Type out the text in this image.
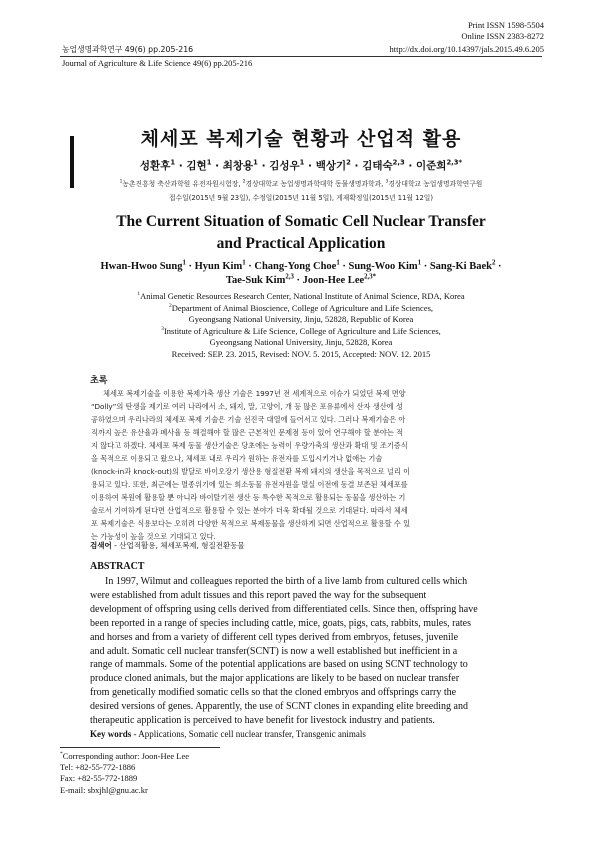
Print ISSN 1598-5504
Online ISSN 2383-8272
농업생명과학연구 49(6) pp.205-216	http://dx.doi.org/10.14397/jals.2015.49.6.205
Journal of Agriculture & Life Science 49(6) pp.205-216
체세포 복제기술 현황과 산업적 활용
성환후$^1$ · 김현$^1$ · 최창용$^1$ · 김성우$^1$ · 백상기$^2$ · 김태숙$^{2,3}$ · 이준희$^{2,3*}$
$^1$농촌진흥청 축산과학원 유전자원시험장, $^2$경상대학교 농업생명과학대학 동물생명과학과, $^3$경상대학교 농업생명과학연구원
접수일(2015년 9월 23일), 수정일(2015년 11월 5일), 게재확정일(2015년 11월 12일)
The Current Situation of Somatic Cell Nuclear Transfer
and Practical Application
Hwan-Hwoo Sung$^1$ · Hyun Kim$^1$ · Chang-Yong Choe$^1$ · Sung-Woo Kim$^1$ · Sang-Ki Baek$^2$ ·
Tae-Suk Kim$^{2,3}$ · Joon-Hee Lee$^{2,3*}$
$^1$Animal Genetic Resources Research Center, National Institute of Animal Science, RDA, Korea
$^2$Department of Animal Bioscience, College of Agriculture and Life Sciences,
Gyeongsang National University, Jinju, 52828, Republic of Korea
$^3$Institute of Agriculture & Life Science, College of Agriculture and Life Sciences,
Gyeongsang National University, Jinju, 52828, Korea
Received: SEP. 23. 2015, Revised: NOV. 5. 2015, Accepted: NOV. 12. 2015
초록
체세포 복제기술을 이용한 복제가축 생산 기술은 1997년 전 세계적으로 이슈가 되었던 복제 면양
“Dolly”의 탄생을 제기로 여러 나라에서 소, 돼지, 말, 고양이, 개 등 많은 포유류에서 산자 생산에 성
공하였으며 우리나라의 체세포 복제 기술은 기술 선진국 대열에 들어서고 있다. 그러나 복제기술은 아
직까지 높은 유산율과 폐사율 등 해결해야 할 많은 근본적인 문제점 등이 있어 연구해야 할 분야는 적
지 않다고 하겠다. 체세포 복제 동물 생산기술은 당초에는 능력이 우량가축의 생산과 확대 및 조기증식
을 목적으로 이용되고 왔으나, 체세포 내로 우리가 원하는 유전자를 도입시키거나 없애는 기술
(knock-in과 knock-out)의 발달로 바이오장기 생산용 형질전환 복제 돼지의 생산을 목적으로 널리 이
용되고 있다. 또한, 최근에는 멸종위기에 있는 희소동물 유전자원을 멸실 이전에 동결 보존된 체세포를
이용하여 복원에 활용할 뿐 아니라 바이탈기전 생산 등 특수한 목적으로 활용되는 동물을 생산하는 기
술로서 기여하게 된다면 산업적으로 활용할 수 있는 분야가 더욱 확대될 것으로 기대된다. 따라서 체세
포 복제기술은 식용보다는 오히려 다양한 목적으로 복제동물을 생산하게 되면 산업적으로 활용할 수 있
는 가능성이 높을 것으로 기대되고 있다.
검색어 - 산업적활용, 체세포복제, 형질전환동물
ABSTRACT
In 1997, Wilmut and colleagues reported the birth of a live lamb from cultured cells which
were established from adult tissues and this report paved the way for the subsequent
development of offspring using cells derived from differentiated cells. Since then, offspring have
been reported in a range of species including cattle, mice, goats, pigs, cats, rabbits, mules, rates
and horses and from a variety of different cell types derived from embryos, fetuses, juvenile
and adult. Somatic cell nuclear transfer(SCNT) is now a well established but inefficient in a
range of mammals. Some of the potential applications are based on using SCNT technology to
produce cloned animals, but the major applications are likely to be based on nuclear transfer
from genetically modified somatic cells so that the cloned embryos and offsprings carry the
desired versions of genes. Apparently, the use of SCNT clones in expanding elite breeding and
therapeutic application is perceived to have benefit for livestock industry and patients.
Key words - Applications, Somatic cell nuclear transfer, Transgenic animals
*Corresponding author: Joon-Hee Lee
Tel: +82-55-772-1886
Fax: +82-55-772-1889
E-mail: sbxjhl@gnu.ac.kr
